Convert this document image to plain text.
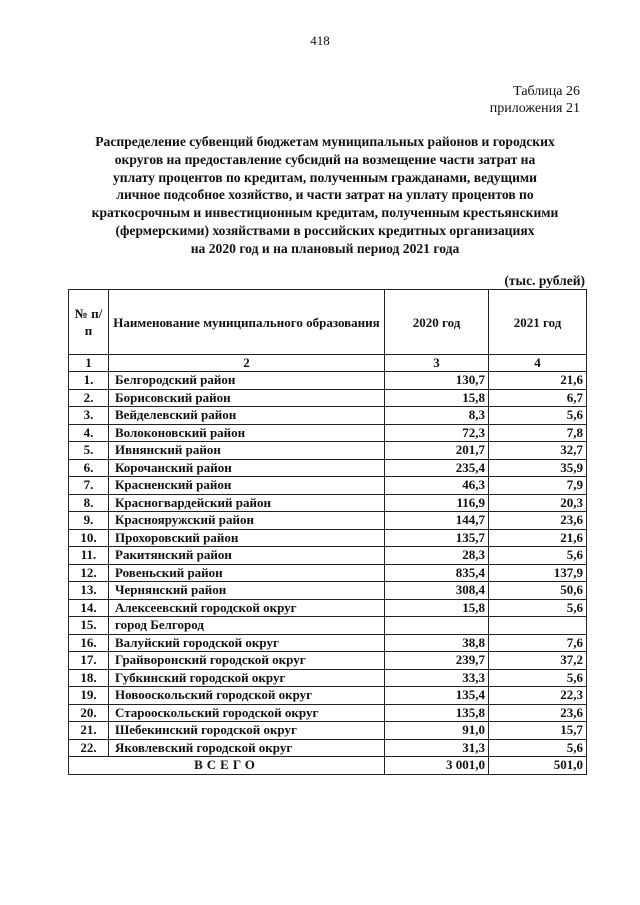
418
Таблица 26
приложения 21
Распределение субвенций бюджетам муниципальных районов и городских
округов на предоставление субсидий на возмещение части затрат на
уплату процентов по кредитам, полученным гражданами, ведущими
личное подсобное хозяйство, и части затрат на уплату процентов по
краткосрочным и инвестиционным кредитам, полученным крестьянскими
(фермерскими) хозяйствами в российских кредитных организациях
на 2020 год и на плановый период 2021 года
(тыс. рублей)
№ п/п	Наименование муниципального образования	2020 год	2021 год
1	2	3	4
1.	Белгородский район	130,7	21,6
2.	Борисовский район	15,8	6,7
3.	Вейделевский район	8,3	5,6
4.	Волоконовский район	72,3	7,8
5.	Ивнянский район	201,7	32,7
6.	Корочанский район	235,4	35,9
7.	Красненский район	46,3	7,9
8.	Красногвардейский район	116,9	20,3
9.	Краснояружский район	144,7	23,6
10.	Прохоровский район	135,7	21,6
11.	Ракитянский район	28,3	5,6
12.	Ровеньский район	835,4	137,9
13.	Чернянский район	308,4	50,6
14.	Алексеевский городской округ	15,8	5,6
15.	город Белгород		
16.	Валуйский городской округ	38,8	7,6
17.	Грайворонский городской округ	239,7	37,2
18.	Губкинский городской округ	33,3	5,6
19.	Новооскольский городской округ	135,4	22,3
20.	Старооскольский городской округ	135,8	23,6
21.	Шебекинский городской округ	91,0	15,7
22.	Яковлевский городской округ	31,3	5,6
ВСЕГО		3 001,0	501,0
